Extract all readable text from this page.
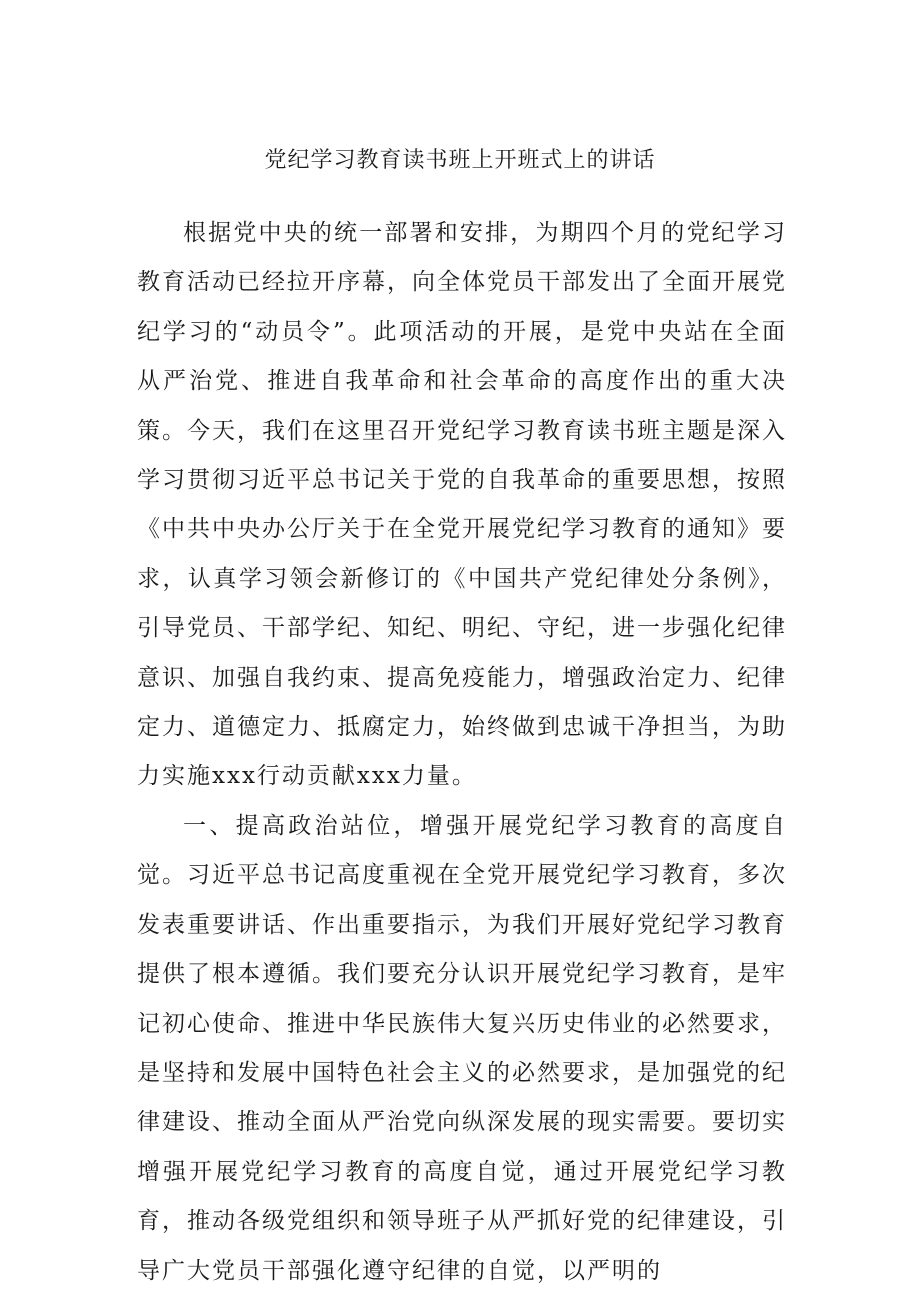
党纪学习教育读书班上开班式上的讲话

根据党中央的统一部署和安排，为期四个月的党纪学习教育活动已经拉开序幕，向全体党员干部发出了全面开展党纪学习的“动员令”。此项活动的开展，是党中央站在全面从严治党、推进自我革命和社会革命的高度作出的重大决策。今天，我们在这里召开党纪学习教育读书班主题是深入学习贯彻习近平总书记关于党的自我革命的重要思想，按照《中共中央办公厅关于在全党开展党纪学习教育的通知》要求，认真学习领会新修订的《中国共产党纪律处分条例》，引导党员、干部学纪、知纪、明纪、守纪，进一步强化纪律意识、加强自我约束、提高免疫能力，增强政治定力、纪律定力、道德定力、抵腐定力，始终做到忠诚干净担当，为助力实施xxx行动贡献xxx力量。

一、提高政治站位，增强开展党纪学习教育的高度自觉。习近平总书记高度重视在全党开展党纪学习教育，多次发表重要讲话、作出重要指示，为我们开展好党纪学习教育提供了根本遵循。我们要充分认识开展党纪学习教育，是牢记初心使命、推进中华民族伟大复兴历史伟业的必然要求，是坚持和发展中国特色社会主义的必然要求，是加强党的纪律建设、推动全面从严治党向纵深发展的现实需要。要切实增强开展党纪学习教育的高度自觉，通过开展党纪学习教育，推动各级党组织和领导班子从严抓好党的纪律建设，引导广大党员干部强化遵守纪律的自觉，以严明的
